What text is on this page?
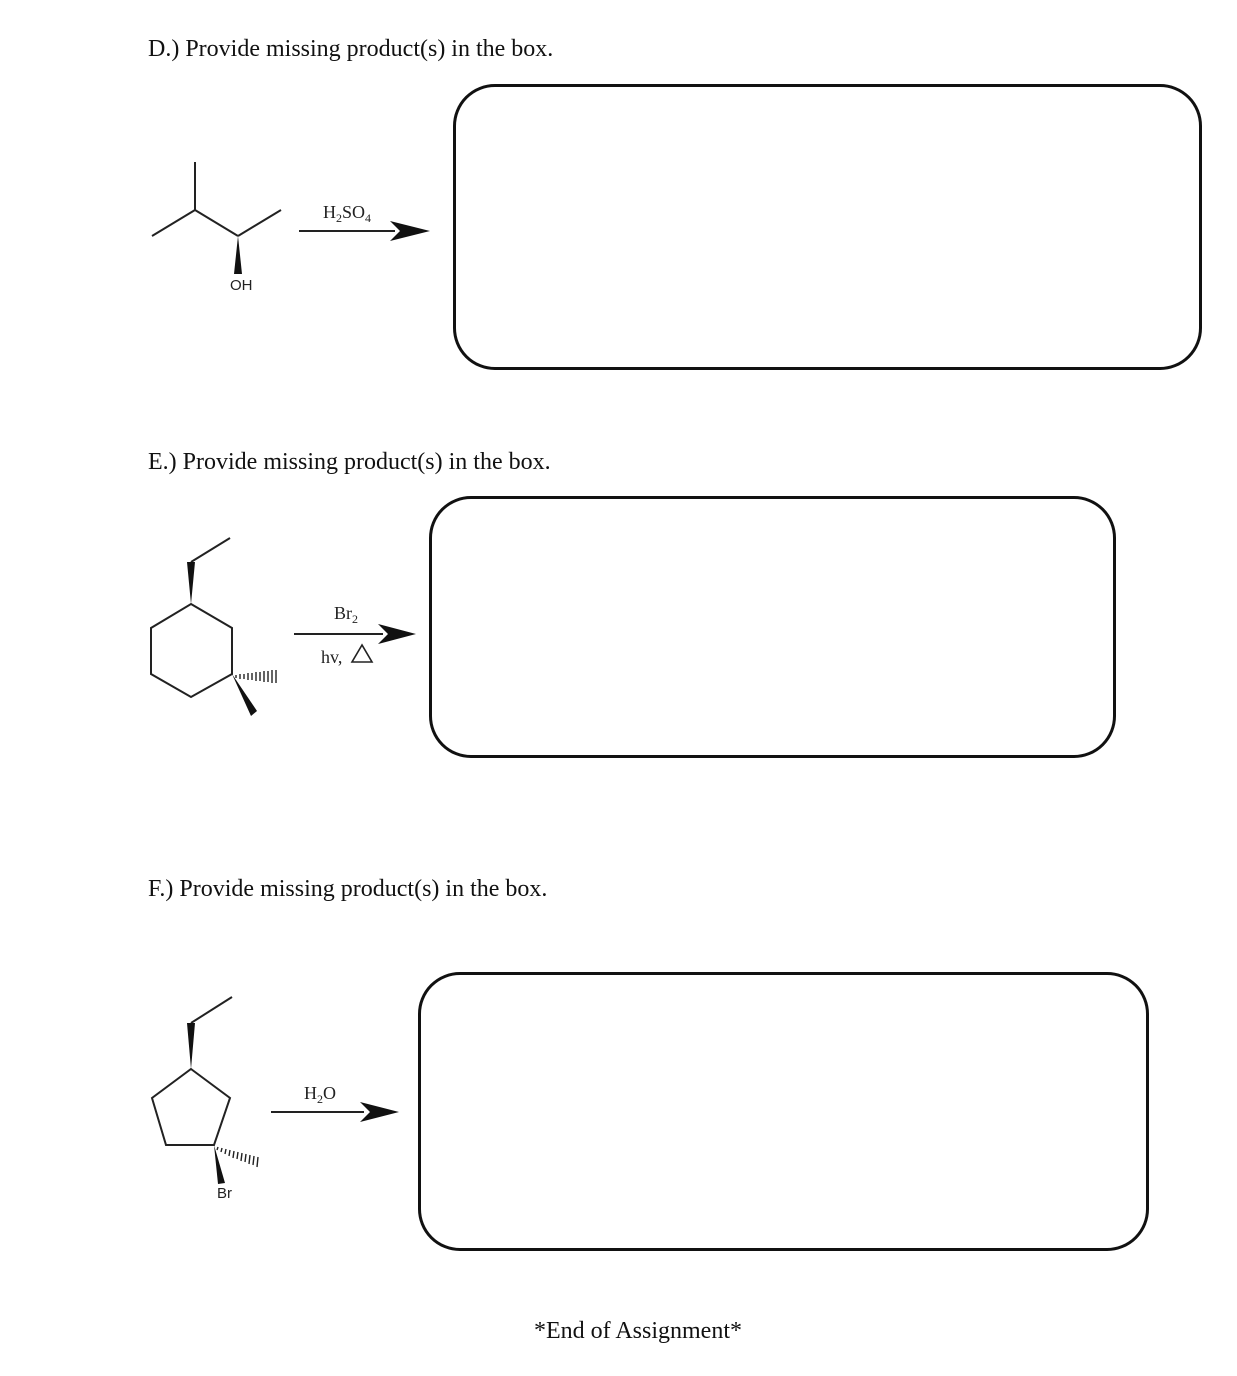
D.) Provide missing product(s) in the box.
OH
$H_2SO_4$
E.) Provide missing product(s) in the box.
$Br_2$
hv,
F.) Provide missing product(s) in the box.
Br
$H_2O$
*End of Assignment*
